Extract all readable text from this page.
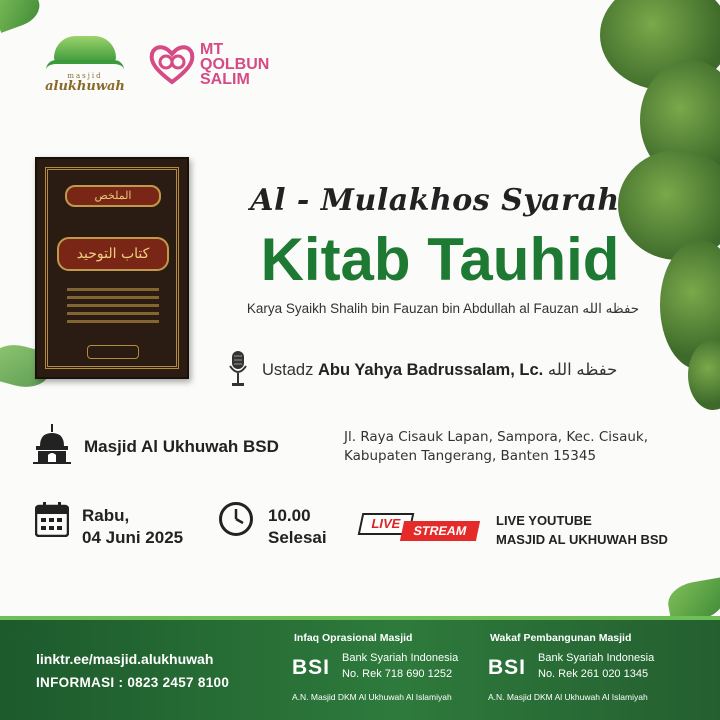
masjid
alukhuwah
MT
QOLBUN
SALIM
الملخص
كتاب التوحيد
Al - Mulakhos Syarah
Kitab Tauhid
Karya Syaikh Shalih bin Fauzan bin Abdullah al Fauzan حفظه الله
Ustadz Abu Yahya Badrussalam, Lc. حفظه الله
Masjid Al Ukhuwah BSD	Jl. Raya Cisauk Lapan, Sampora, Kec. Cisauk,
Kabupaten Tangerang, Banten 15345
Rabu,
04 Juni 2025
10.00
Selesai
LIVE STREAM
LIVE YOUTUBE
MASJID AL UKHUWAH BSD
linktr.ee/masjid.alukhuwah
INFORMASI : 0823 2457 8100
Infaq Oprasional Masjid
BSI Bank Syariah Indonesia
No. Rek 718 690 1252
A.N. Masjid DKM Al Ukhuwah Al Islamiyah
Wakaf Pembangunan Masjid
BSI Bank Syariah Indonesia
No. Rek 261 020 1345
A.N. Masjid DKM Al Ukhuwah Al Islamiyah
